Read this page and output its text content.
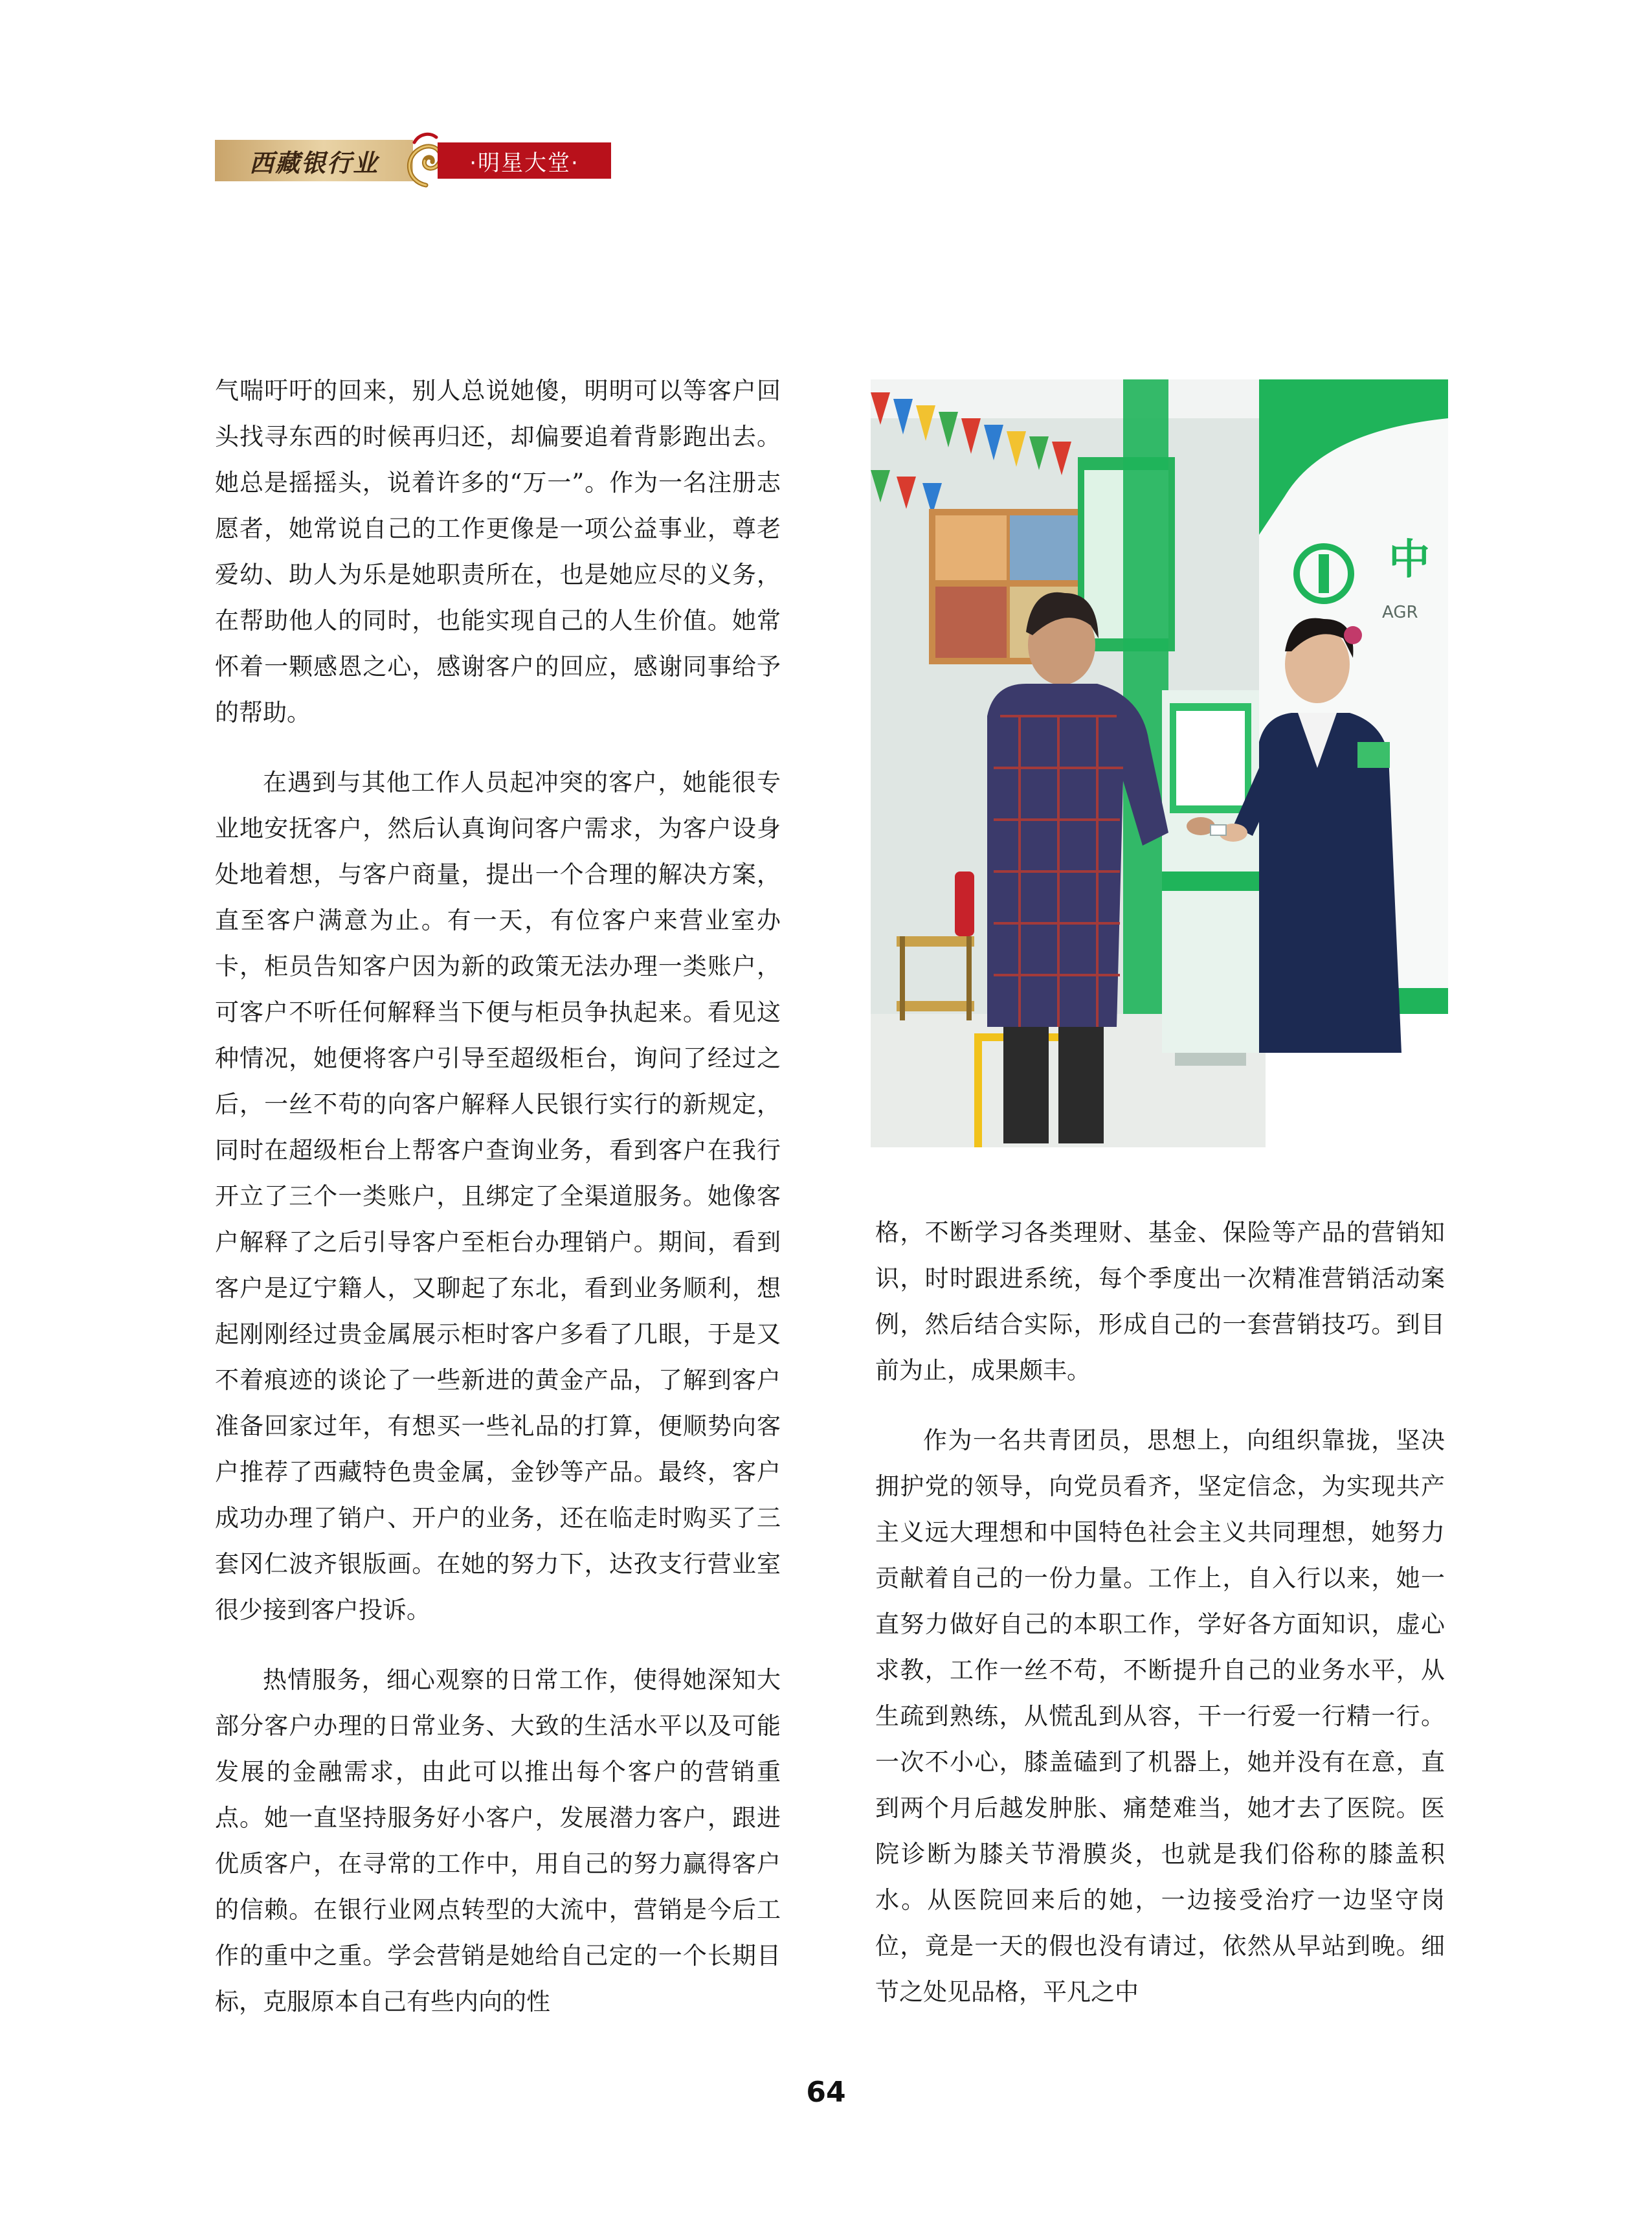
西藏银行业	·明星大堂·

气喘吁吁的回来，别人总说她傻，明明可以等客户回头找寻东西的时候再归还，却偏要追着背影跑出去。她总是摇摇头，说着许多的“万一”。作为一名注册志愿者，她常说自己的工作更像是一项公益事业，尊老爱幼、助人为乐是她职责所在，也是她应尽的义务，在帮助他人的同时，也能实现自己的人生价值。她常怀着一颗感恩之心，感谢客户的回应，感谢同事给予的帮助。

在遇到与其他工作人员起冲突的客户，她能很专业地安抚客户，然后认真询问客户需求，为客户设身处地着想，与客户商量，提出一个合理的解决方案，直至客户满意为止。有一天，有位客户来营业室办卡，柜员告知客户因为新的政策无法办理一类账户，可客户不听任何解释当下便与柜员争执起来。看见这种情况，她便将客户引导至超级柜台，询问了经过之后，一丝不苟的向客户解释人民银行实行的新规定，同时在超级柜台上帮客户查询业务，看到客户在我行开立了三个一类账户，且绑定了全渠道服务。她像客户解释了之后引导客户至柜台办理销户。期间，看到客户是辽宁籍人，又聊起了东北，看到业务顺利，想起刚刚经过贵金属展示柜时客户多看了几眼，于是又不着痕迹的谈论了一些新进的黄金产品，了解到客户准备回家过年，有想买一些礼品的打算，便顺势向客户推荐了西藏特色贵金属，金钞等产品。最终，客户成功办理了销户、开户的业务，还在临走时购买了三套冈仁波齐银版画。在她的努力下，达孜支行营业室很少接到客户投诉。

热情服务，细心观察的日常工作，使得她深知大部分客户办理的日常业务、大致的生活水平以及可能发展的金融需求，由此可以推出每个客户的营销重点。她一直坚持服务好小客户，发展潜力客户，跟进优质客户，在寻常的工作中，用自己的努力赢得客户的信赖。在银行业网点转型的大流中，营销是今后工作的重中之重。学会营销是她给自己定的一个长期目标，克服原本自己有些内向的性

中
AGR

格，不断学习各类理财、基金、保险等产品的营销知识，时时跟进系统，每个季度出一次精准营销活动案例，然后结合实际，形成自己的一套营销技巧。到目前为止，成果颇丰。

作为一名共青团员，思想上，向组织靠拢，坚决拥护党的领导，向党员看齐，坚定信念，为实现共产主义远大理想和中国特色社会主义共同理想，她努力贡献着自己的一份力量。工作上，自入行以来，她一直努力做好自己的本职工作，学好各方面知识，虚心求教，工作一丝不苟，不断提升自己的业务水平，从生疏到熟练，从慌乱到从容，干一行爱一行精一行。一次不小心，膝盖磕到了机器上，她并没有在意，直到两个月后越发肿胀、痛楚难当，她才去了医院。医院诊断为膝关节滑膜炎，也就是我们俗称的膝盖积水。从医院回来后的她，一边接受治疗一边坚守岗位，竟是一天的假也没有请过，依然从早站到晚。细节之处见品格，平凡之中

64
